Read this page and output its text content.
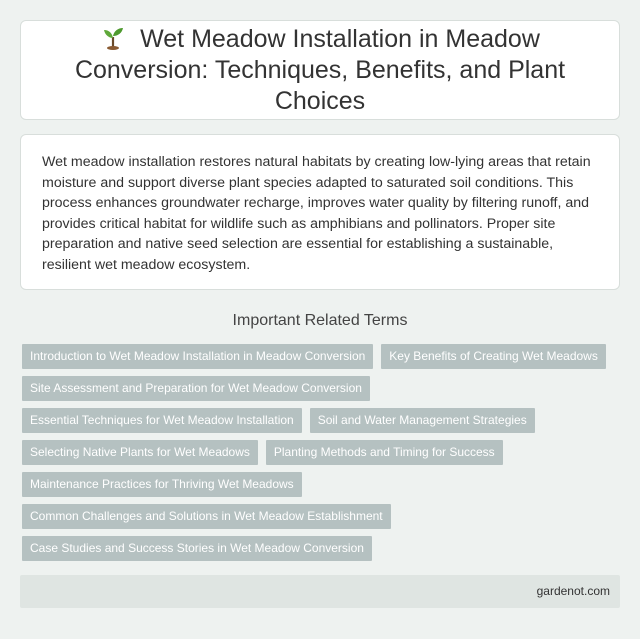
Wet Meadow Installation in Meadow Conversion: Techniques, Benefits, and Plant Choices

Wet meadow installation restores natural habitats by creating low-lying areas that retain moisture and support diverse plant species adapted to saturated soil conditions. This process enhances groundwater recharge, improves water quality by filtering runoff, and provides critical habitat for wildlife such as amphibians and pollinators. Proper site preparation and native seed selection are essential for establishing a sustainable, resilient wet meadow ecosystem.

Important Related Terms
Introduction to Wet Meadow Installation in Meadow Conversion	Key Benefits of Creating Wet Meadows
Site Assessment and Preparation for Wet Meadow Conversion
Essential Techniques for Wet Meadow Installation	Soil and Water Management Strategies
Selecting Native Plants for Wet Meadows	Planting Methods and Timing for Success
Maintenance Practices for Thriving Wet Meadows
Common Challenges and Solutions in Wet Meadow Establishment
Case Studies and Success Stories in Wet Meadow Conversion
gardenot.com
